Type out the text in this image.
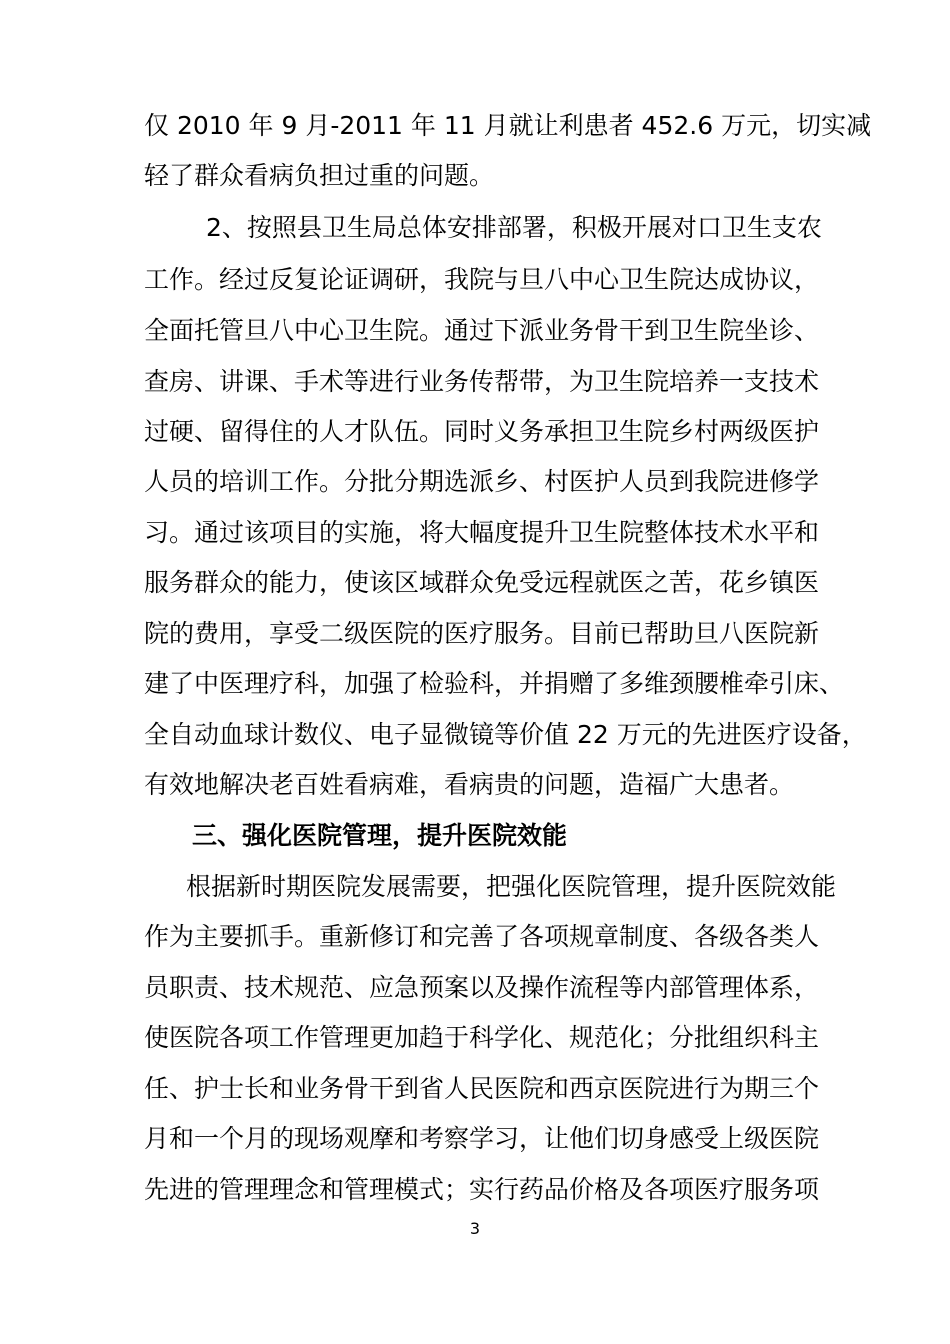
仅 2010 年 9 月-2011 年 11 月就让利患者 452.6 万元，切实减
轻了群众看病负担过重的问题。
2、按照县卫生局总体安排部署，积极开展对口卫生支农
工作。经过反复论证调研，我院与旦八中心卫生院达成协议，
全面托管旦八中心卫生院。通过下派业务骨干到卫生院坐诊、
查房、讲课、手术等进行业务传帮带，为卫生院培养一支技术
过硬、留得住的人才队伍。同时义务承担卫生院乡村两级医护
人员的培训工作。分批分期选派乡、村医护人员到我院进修学
习。通过该项目的实施，将大幅度提升卫生院整体技术水平和
服务群众的能力，使该区域群众免受远程就医之苦，花乡镇医
院的费用，享受二级医院的医疗服务。目前已帮助旦八医院新
建了中医理疗科，加强了检验科，并捐赠了多维颈腰椎牵引床、
全自动血球计数仪、电子显微镜等价值 22 万元的先进医疗设备，
有效地解决老百姓看病难，看病贵的问题，造福广大患者。
三、强化医院管理，提升医院效能
根据新时期医院发展需要，把强化医院管理，提升医院效能
作为主要抓手。重新修订和完善了各项规章制度、各级各类人
员职责、技术规范、应急预案以及操作流程等内部管理体系，
使医院各项工作管理更加趋于科学化、规范化；分批组织科主
任、护士长和业务骨干到省人民医院和西京医院进行为期三个
月和一个月的现场观摩和考察学习，让他们切身感受上级医院
先进的管理理念和管理模式；实行药品价格及各项医疗服务项
3
